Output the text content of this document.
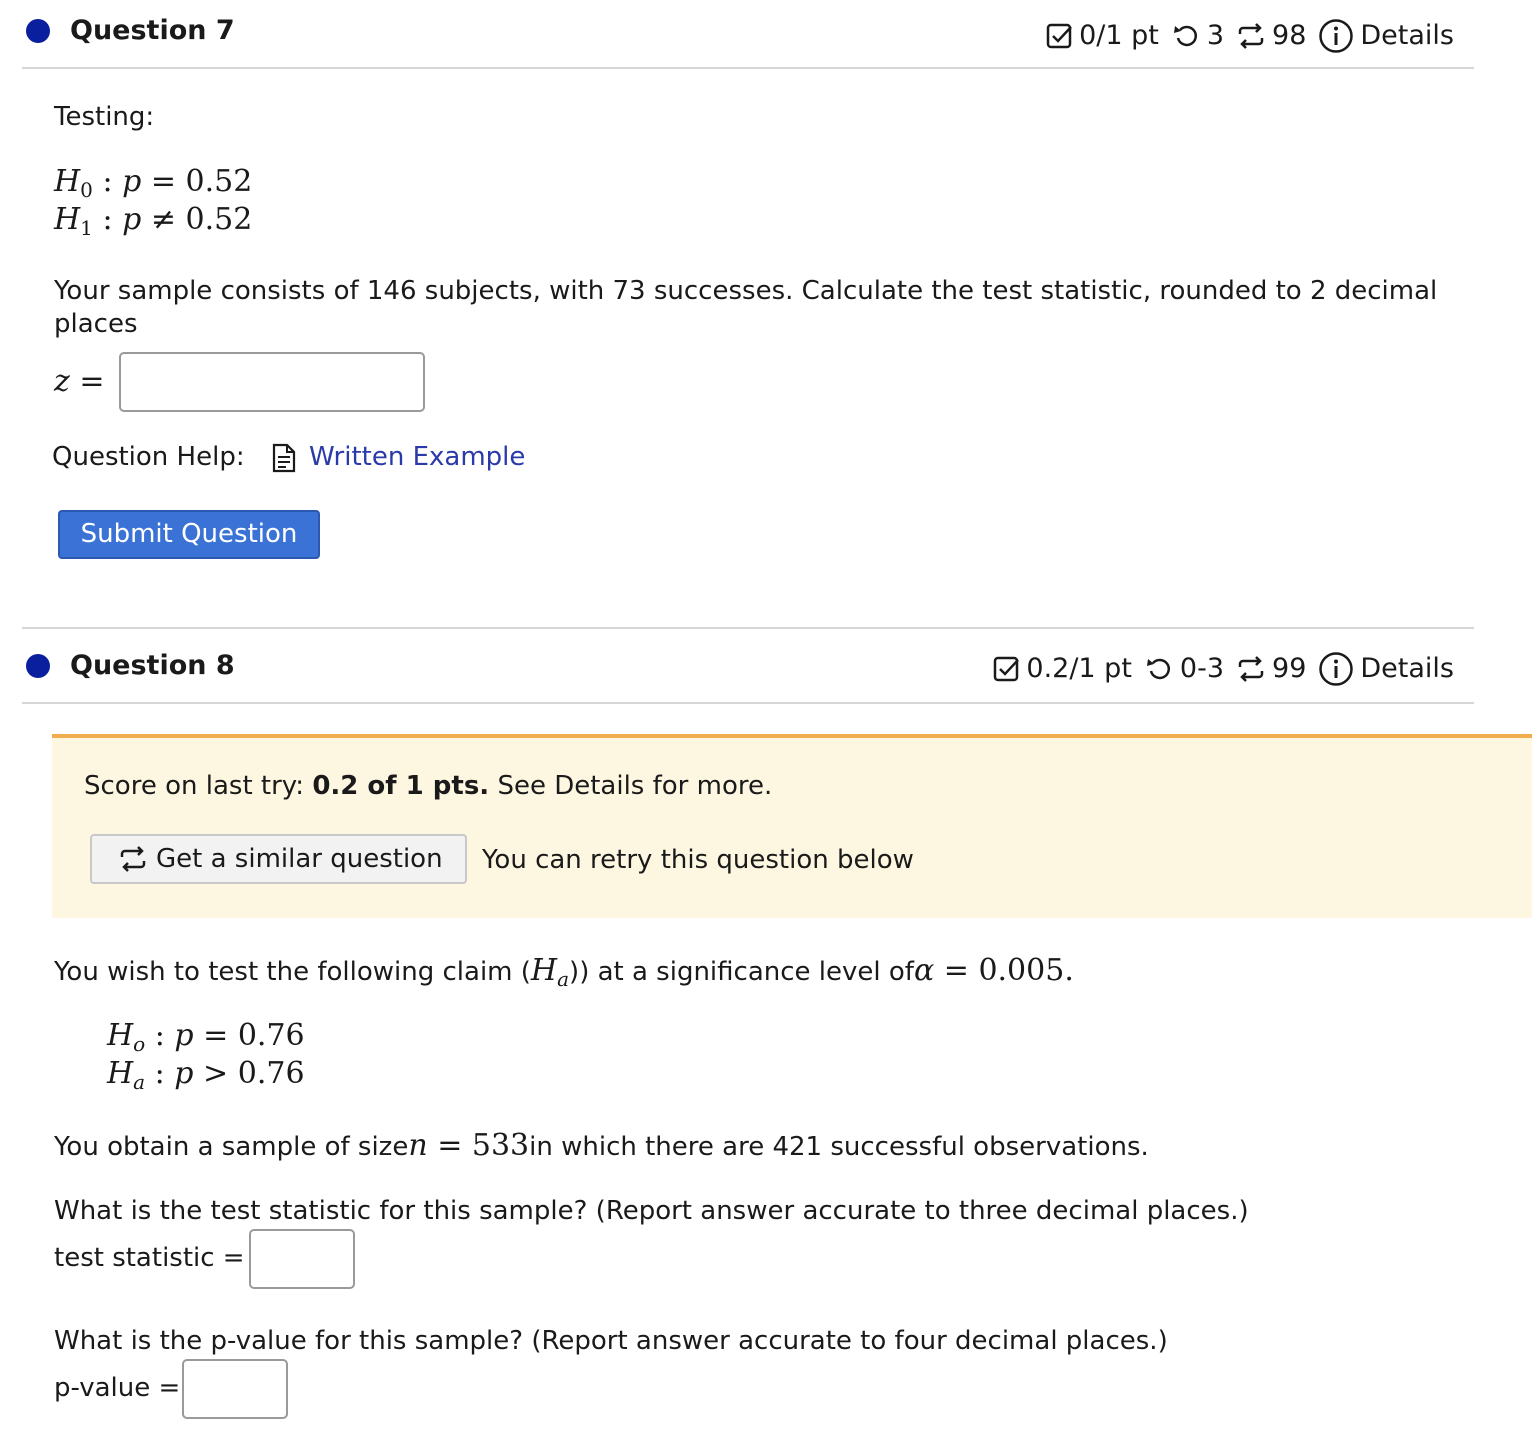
Question 7	0/1 pt 3 98 Details
Testing:
$H_0$ : p = 0.52
$H_1$ : p ≠ 0.52
Your sample consists of 146 subjects, with 73 successes. Calculate the test statistic, rounded to 2 decimal
places
z =
Question Help: Written Example
Submit Question
Question 8	0.2/1 pt 0-3 99 Details
Score on last try: 0.2 of 1 pts. See Details for more.
Get a similar question You can retry this question below
You wish to test the following claim ( $H_a$ ) ) at a significance level of α = 0.005.
$H_o$ : p = 0.76
$H_a$ : p > 0.76
You obtain a sample of size n = 533 in which there are 421 successful observations.
What is the test statistic for this sample? (Report answer accurate to three decimal places.)
test statistic =
What is the p-value for this sample? (Report answer accurate to four decimal places.)
p-value =
